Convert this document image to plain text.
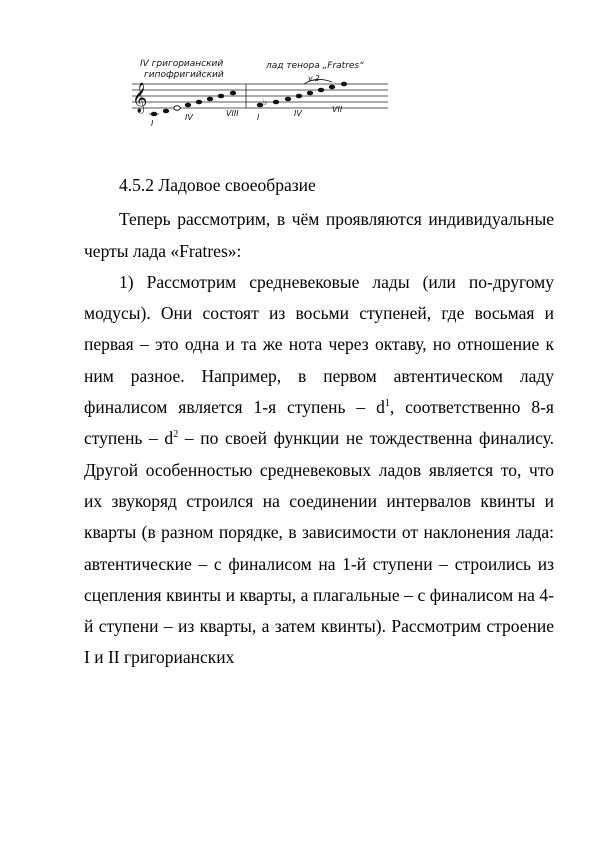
IV григорианский
гипофригийский
лад тенора „Fratres“
v.2
𝄞	♭
I
IV	VIII I	IV	VII

4.5.2 Ладовое своеобразие

Теперь рассмотрим, в чём проявляются индивидуальные черты лада «Fratres»:

1) Рассмотрим средневековые лады (или по-другому модусы). Они состоят из восьми ступеней, где восьмая и первая – это одна и та же нота через октаву, но отношение к ним разное. Например, в первом автентическом ладу финалисом является 1-я ступень – $d^1$, соответственно 8-я ступень – $d^2$ – по своей функции не тождественна финалису. Другой особенностью средневековых ладов является то, что их звукоряд строился на соединении интервалов квинты и кварты (в разном порядке, в зависимости от наклонения лада: автентические – с финалисом на 1-й ступени – строились из сцепления квинты и кварты, а плагальные – с финалисом на 4-й ступени – из кварты, а затем квинты). Рассмотрим строение I и II григорианских
